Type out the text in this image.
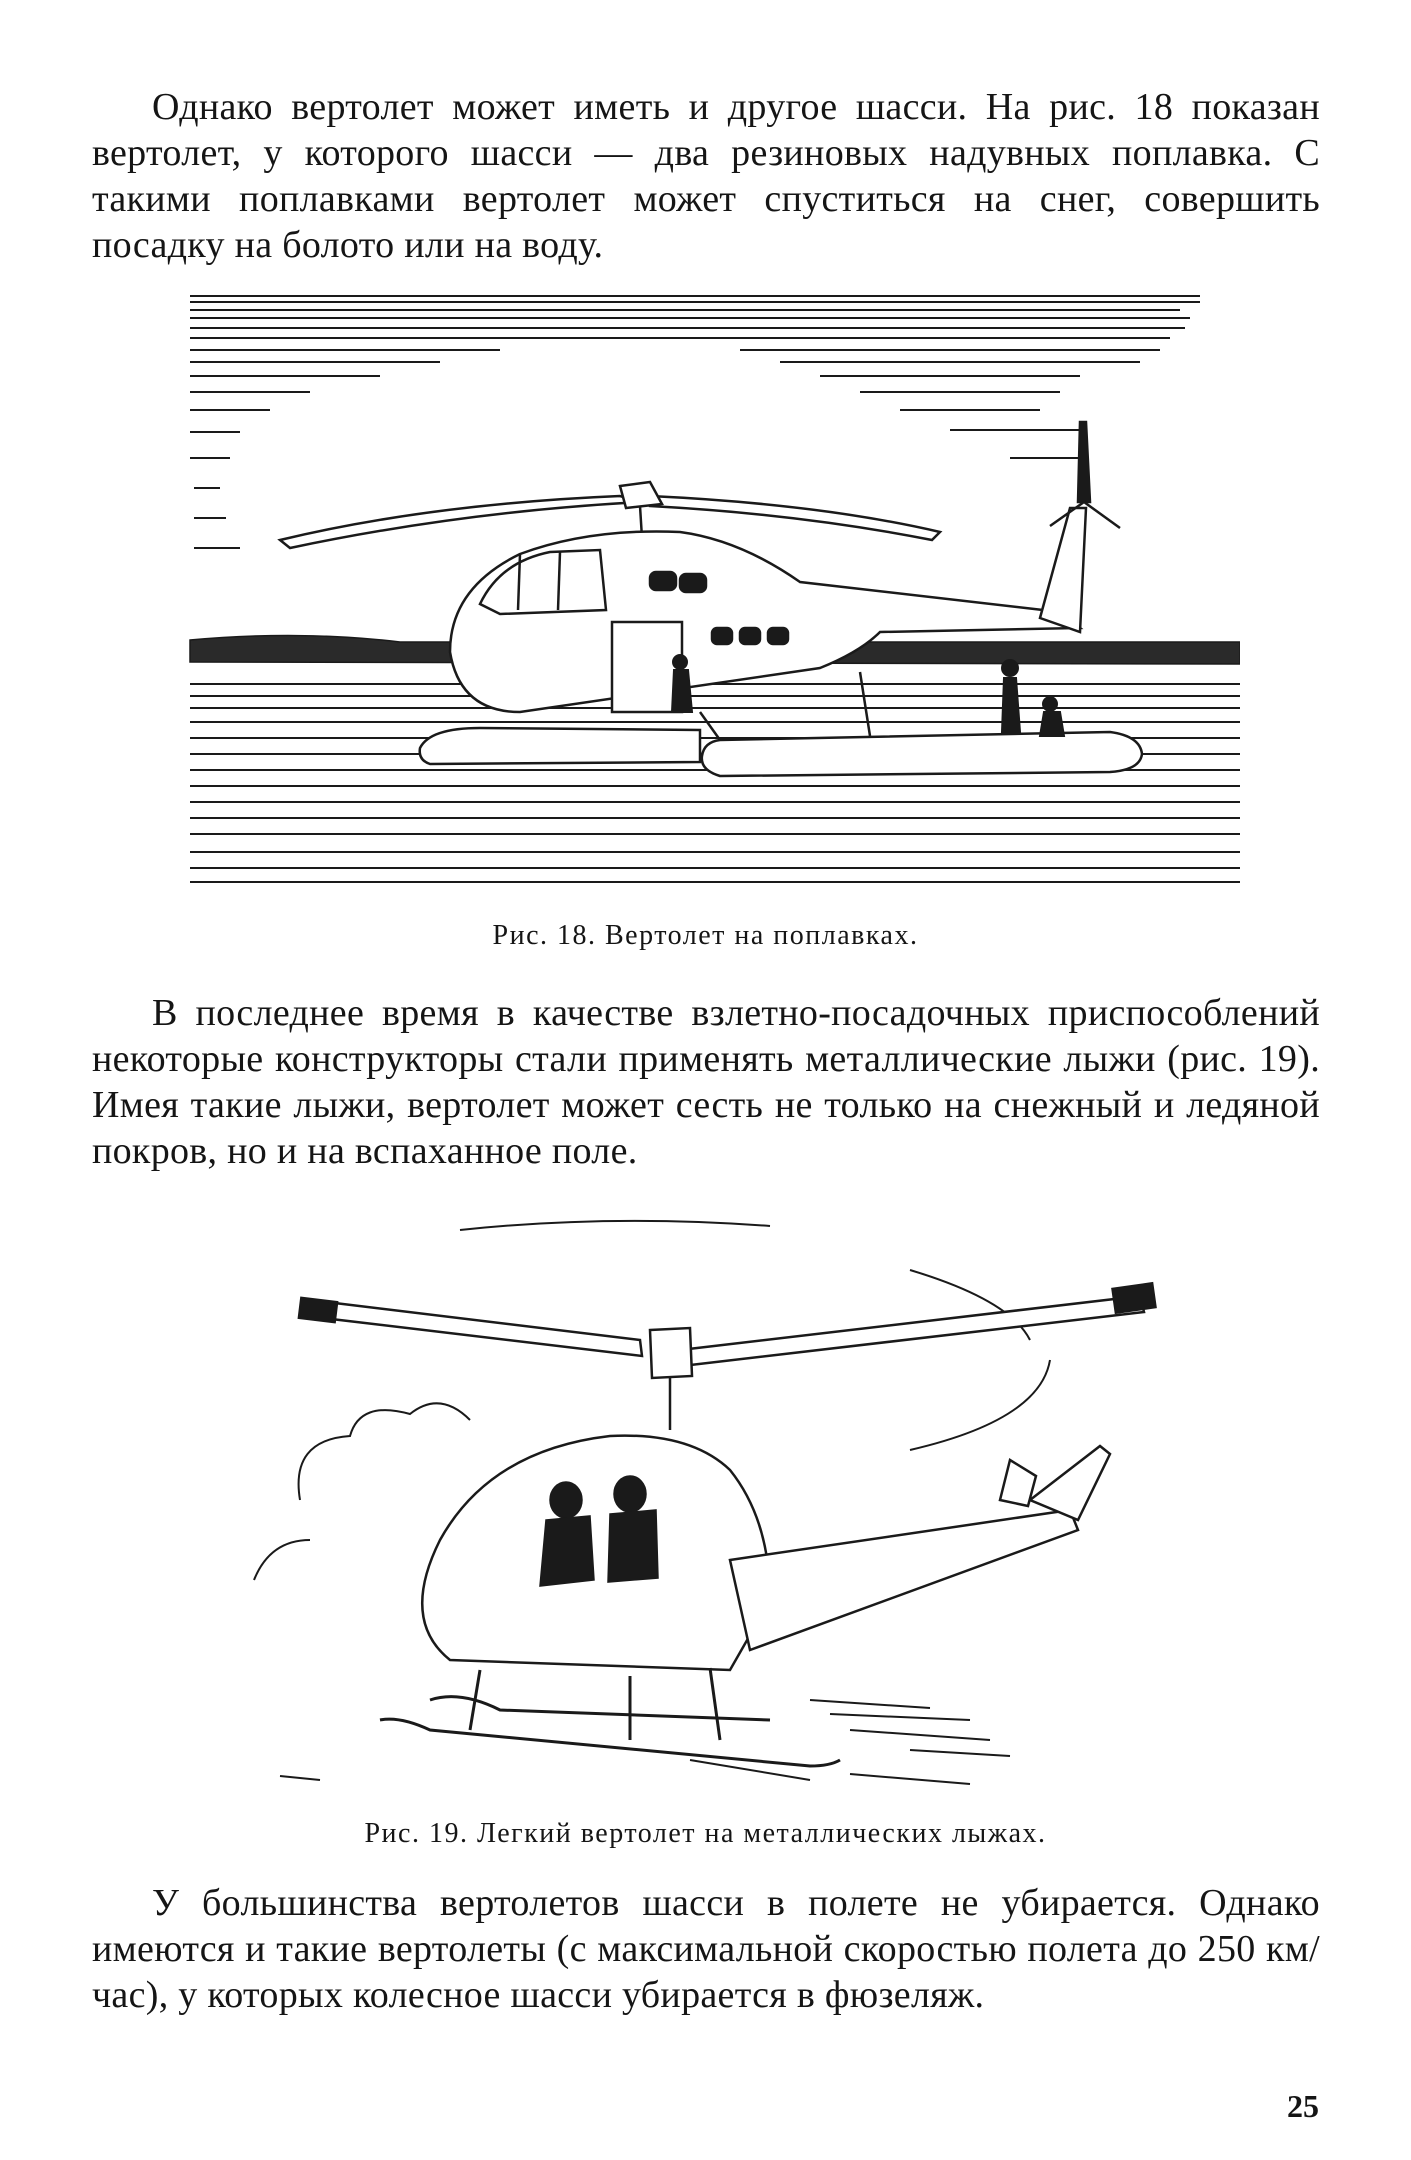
Однако вертолет может иметь и другое шасси. На рис. 18 показан вертолет, у которого шасси — два резиновых надувных поплавка. С такими поплавками вертолет может спуститься на снег, совершить посадку на болото или на воду.

Рис. 18. Вертолет на поплавках.

В последнее время в качестве взлетно-посадочных приспособлений некоторые конструкторы стали применять металлические лыжи (рис. 19). Имея такие лыжи, вертолет может сесть не только на снежный и ледяной покров, но и на вспаханное поле.

Рис. 19. Легкий вертолет на металлических лыжах.

У большинства вертолетов шасси в полете не убирается. Однако имеются и такие вертолеты (с максимальной скоростью полета до 250 км/час), у которых колесное шасси убирается в фюзеляж.

25
